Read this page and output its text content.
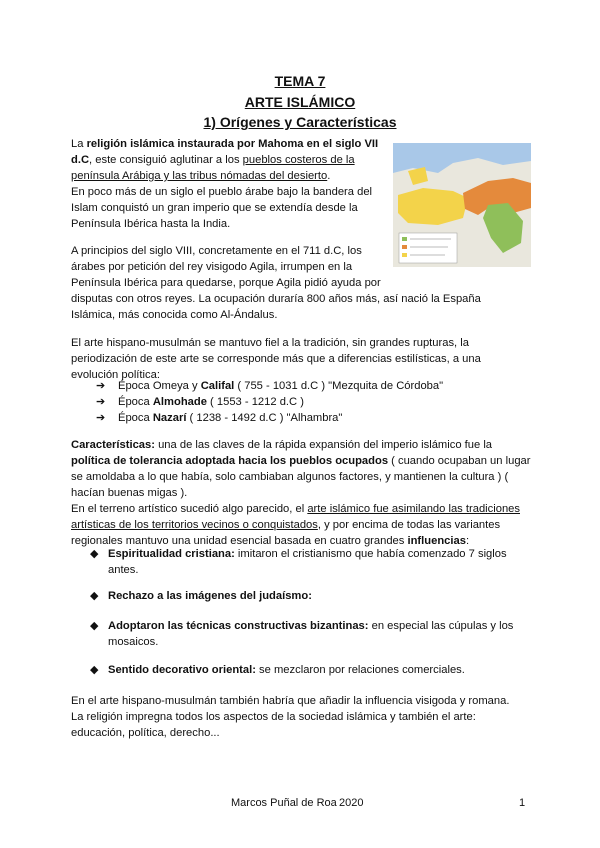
TEMA 7
ARTE ISLÁMICO
1) Orígenes y Características
La religión islámica instaurada por Mahoma en el siglo VII
d.C, este consiguió aglutinar a los pueblos costeros de la
península Arábiga y las tribus nómadas del desierto.
En poco más de un siglo el pueblo árabe bajo la bandera del
Islam conquistó un gran imperio que se extendía desde la
Península Ibérica hasta la India.
A principios del siglo VIII, concretamente en el 711 d.C, los
árabes por petición del rey visigodo Agila, irrumpen en la
Península Ibérica para quedarse, porque Agila pidió ayuda por
disputas con otros reyes. La ocupación duraría 800 años más, así nació la España
Islámica, más conocida como Al-Ándalus.
El arte hispano-musulmán se mantuvo fiel a la tradición, sin grandes rupturas, la
periodización de este arte se corresponde más que a diferencias estilísticas, a una
evolución política:
➔ Época Omeya y Califal ( 755 - 1031 d.C ) "Mezquita de Córdoba"
➔ Época Almohade ( 1553 - 1212 d.C )
➔ Época Nazarí ( 1238 - 1492 d.C ) "Alhambra"
Características: una de las claves de la rápida expansión del imperio islámico fue la
política de tolerancia adoptada hacia los pueblos ocupados ( cuando ocupaban un lugar
se amoldaba a lo que había, solo cambiaban algunos factores, y mantienen la cultura ) (
hacían buenas migas ).
En el terreno artístico sucedió algo parecido, el arte islámico fue asimilando las tradiciones
artísticas de los territorios vecinos o conquistados, y por encima de todas las variantes
regionales mantuvo una unidad esencial basada en cuatro grandes influencias:
◆ Espiritualidad cristiana: imitaron el cristianismo que había comenzado 7 siglos
antes.
◆ Rechazo a las imágenes del judaísmo:
◆ Adoptaron las técnicas constructivas bizantinas: en especial las cúpulas y los
mosaicos.
◆ Sentido decorativo oriental: se mezclaron por relaciones comerciales.
En el arte hispano-musulmán también habría que añadir la influencia visigoda y romana.
La religión impregna todos los aspectos de la sociedad islámica y también el arte:
educación, política, derecho...
Marcos Puñal de Roa 2020	1
